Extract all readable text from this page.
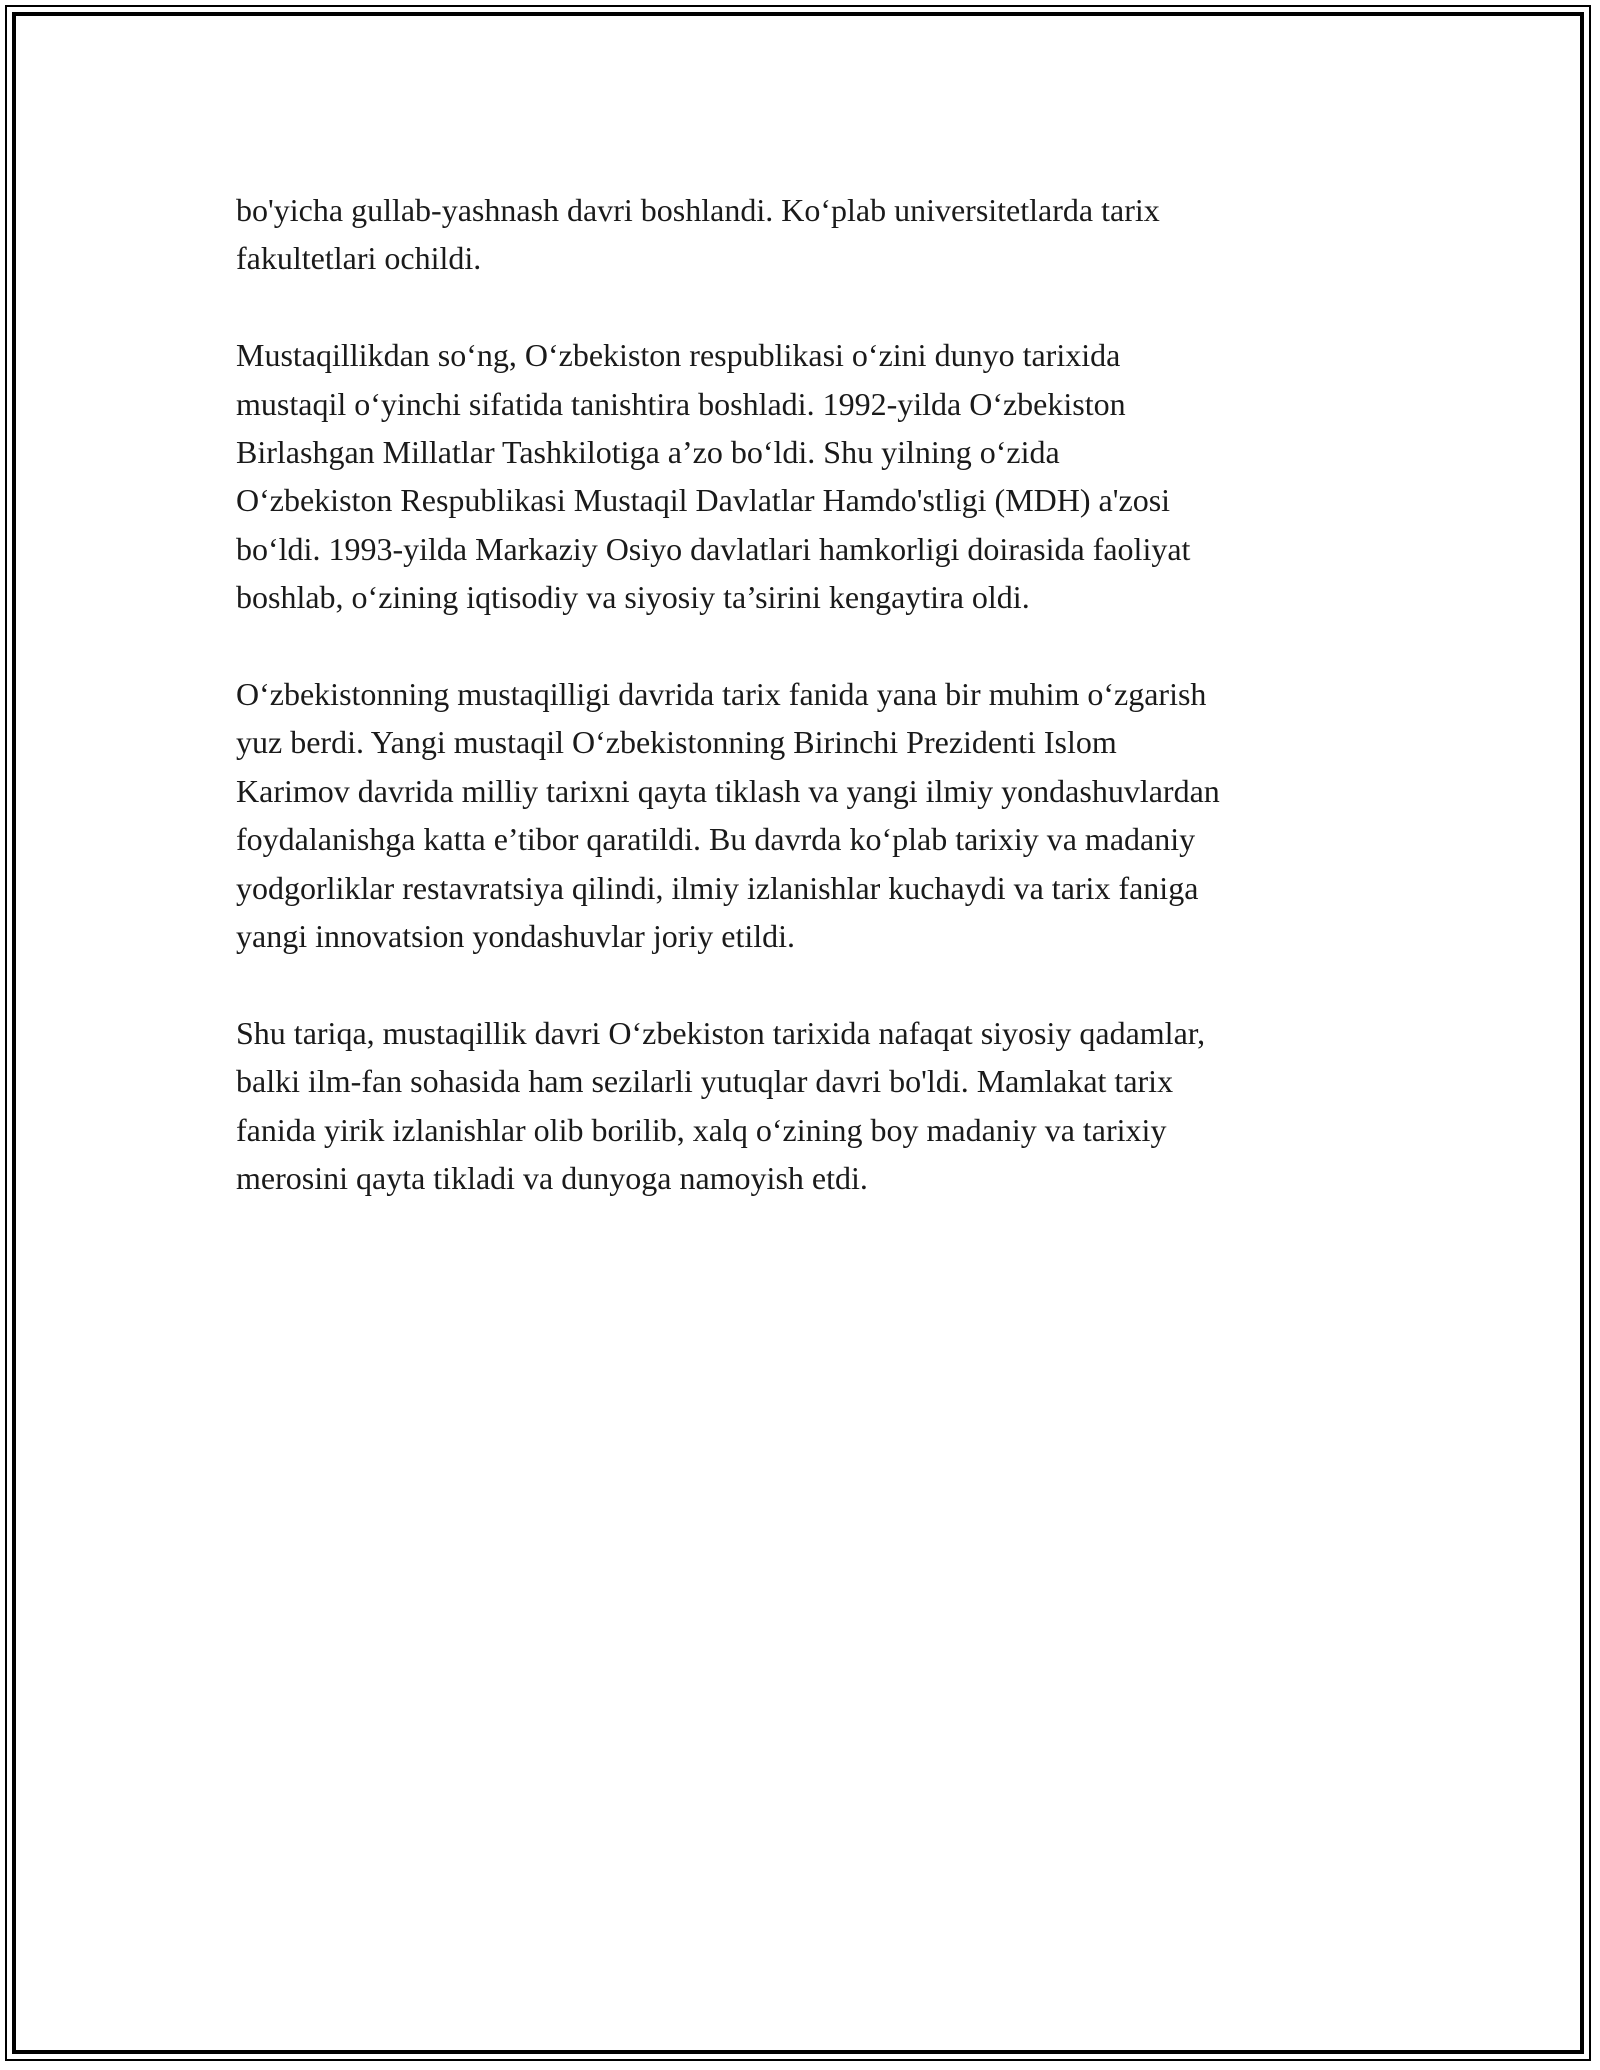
bo'yicha gullab-yashnash davri boshlandi. Ko‘plab universitetlarda tarix
fakultetlari ochildi.

Mustaqillikdan so‘ng, O‘zbekiston respublikasi o‘zini dunyo tarixida
mustaqil o‘yinchi sifatida tanishtira boshladi. 1992-yilda O‘zbekiston
Birlashgan Millatlar Tashkilotiga a’zo bo‘ldi. Shu yilning o‘zida
O‘zbekiston Respublikasi Mustaqil Davlatlar Hamdo'stligi (MDH) a'zosi
bo‘ldi. 1993-yilda Markaziy Osiyo davlatlari hamkorligi doirasida faoliyat
boshlab, o‘zining iqtisodiy va siyosiy ta’sirini kengaytira oldi.

O‘zbekistonning mustaqilligi davrida tarix fanida yana bir muhim o‘zgarish
yuz berdi. Yangi mustaqil O‘zbekistonning Birinchi Prezidenti Islom
Karimov davrida milliy tarixni qayta tiklash va yangi ilmiy yondashuvlardan
foydalanishga katta e’tibor qaratildi. Bu davrda ko‘plab tarixiy va madaniy
yodgorliklar restavratsiya qilindi, ilmiy izlanishlar kuchaydi va tarix faniga
yangi innovatsion yondashuvlar joriy etildi.

Shu tariqa, mustaqillik davri O‘zbekiston tarixida nafaqat siyosiy qadamlar,
balki ilm-fan sohasida ham sezilarli yutuqlar davri bo'ldi. Mamlakat tarix
fanida yirik izlanishlar olib borilib, xalq o‘zining boy madaniy va tarixiy
merosini qayta tikladi va dunyoga namoyish etdi.
